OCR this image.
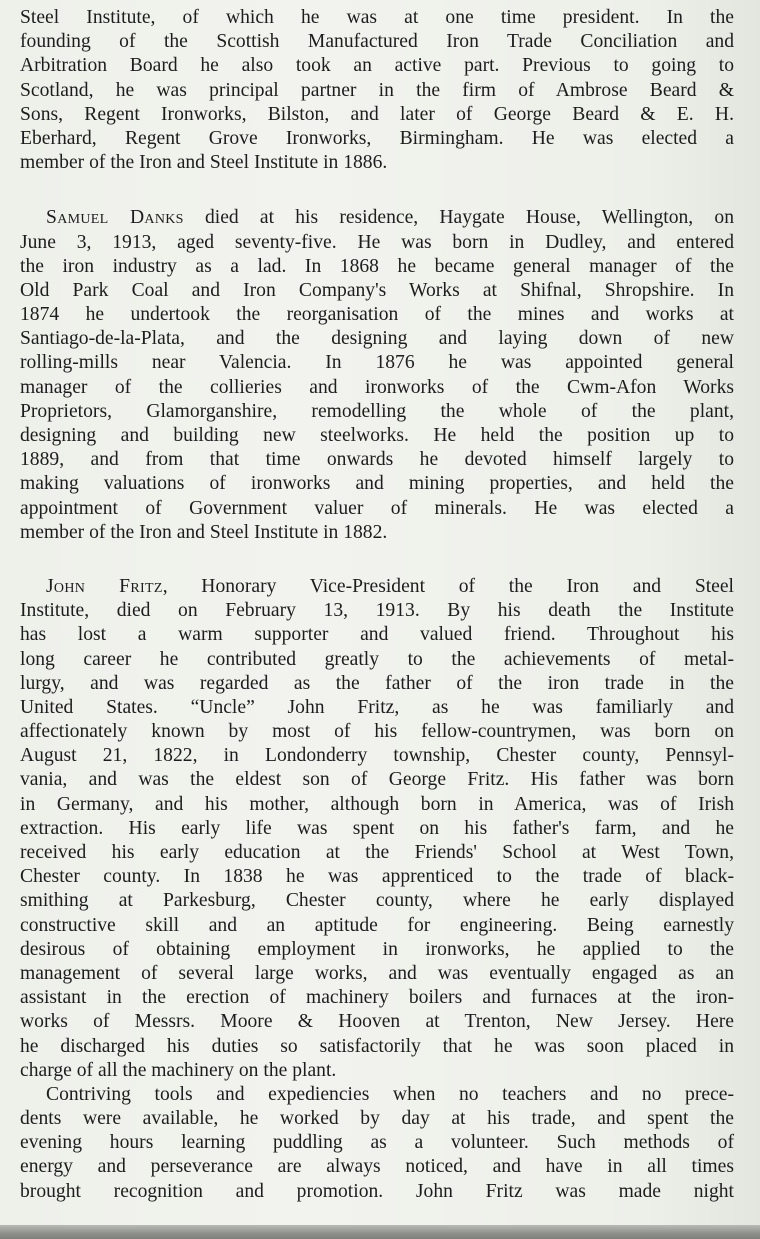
Steel Institute, of which he was at one time president. In the
founding of the Scottish Manufactured Iron Trade Conciliation and
Arbitration Board he also took an active part. Previous to going to
Scotland, he was principal partner in the firm of Ambrose Beard &
Sons, Regent Ironworks, Bilston, and later of George Beard & E. H.
Eberhard, Regent Grove Ironworks, Birmingham. He was elected a
member of the Iron and Steel Institute in 1886.
Samuel Danks died at his residence, Haygate House, Wellington, on
June 3, 1913, aged seventy-five. He was born in Dudley, and entered
the iron industry as a lad. In 1868 he became general manager of the
Old Park Coal and Iron Company's Works at Shifnal, Shropshire. In
1874 he undertook the reorganisation of the mines and works at
Santiago-de-la-Plata, and the designing and laying down of new
rolling-mills near Valencia. In 1876 he was appointed general
manager of the collieries and ironworks of the Cwm-Afon Works
Proprietors, Glamorganshire, remodelling the whole of the plant,
designing and building new steelworks. He held the position up to
1889, and from that time onwards he devoted himself largely to
making valuations of ironworks and mining properties, and held the
appointment of Government valuer of minerals. He was elected a
member of the Iron and Steel Institute in 1882.
John Fritz, Honorary Vice-President of the Iron and Steel
Institute, died on February 13, 1913. By his death the Institute
has lost a warm supporter and valued friend. Throughout his
long career he contributed greatly to the achievements of metal-
lurgy, and was regarded as the father of the iron trade in the
United States. “Uncle” John Fritz, as he was familiarly and
affectionately known by most of his fellow-countrymen, was born on
August 21, 1822, in Londonderry township, Chester county, Pennsyl-
vania, and was the eldest son of George Fritz. His father was born
in Germany, and his mother, although born in America, was of Irish
extraction. His early life was spent on his father's farm, and he
received his early education at the Friends' School at West Town,
Chester county. In 1838 he was apprenticed to the trade of black-
smithing at Parkesburg, Chester county, where he early displayed
constructive skill and an aptitude for engineering. Being earnestly
desirous of obtaining employment in ironworks, he applied to the
management of several large works, and was eventually engaged as an
assistant in the erection of machinery boilers and furnaces at the iron-
works of Messrs. Moore & Hooven at Trenton, New Jersey. Here
he discharged his duties so satisfactorily that he was soon placed in
charge of all the machinery on the plant.
Contriving tools and expediencies when no teachers and no prece-
dents were available, he worked by day at his trade, and spent the
evening hours learning puddling as a volunteer. Such methods of
energy and perseverance are always noticed, and have in all times
brought recognition and promotion. John Fritz was made night
